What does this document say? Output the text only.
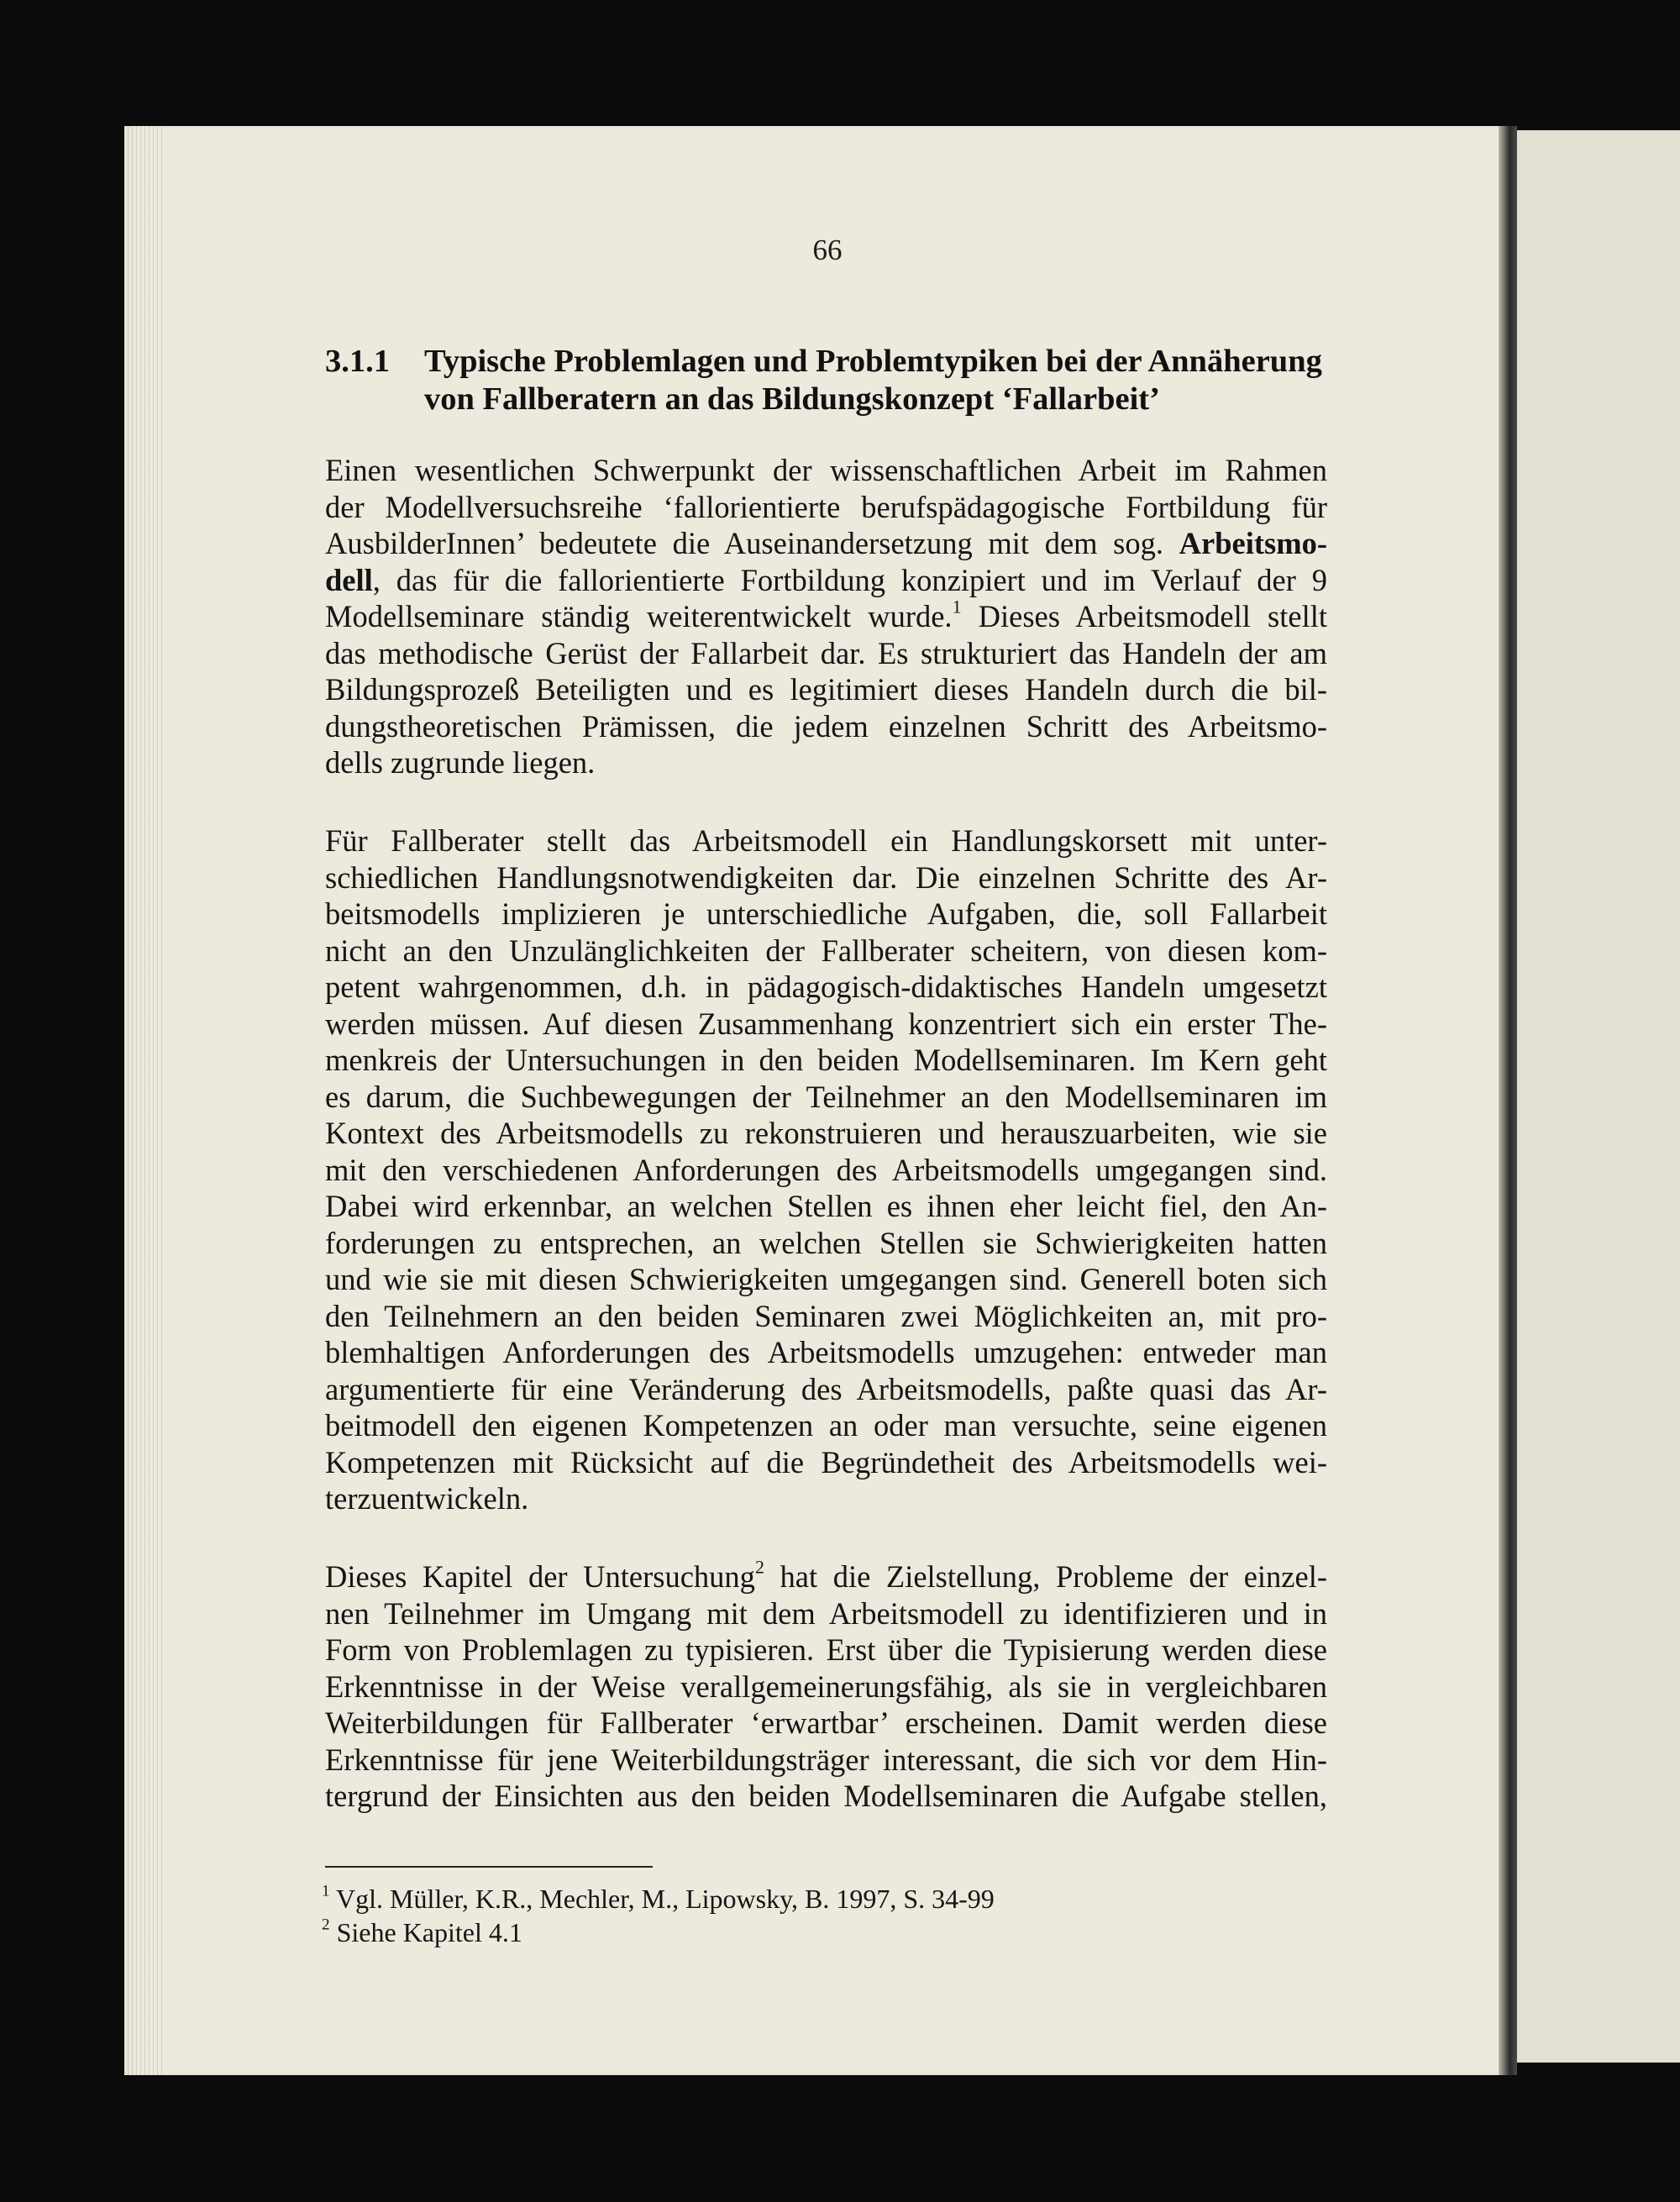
66
3.1.1 Typische Problemlagen und Problemtypiken bei der Annäherung
von Fallberatern an das Bildungskonzept ‘Fallarbeit’
Einen wesentlichen Schwerpunkt der wissenschaftlichen Arbeit im Rahmen
der Modellversuchsreihe ‘fallorientierte berufspädagogische Fortbildung für
AusbilderInnen’ bedeutete die Auseinandersetzung mit dem sog. Arbeitsmo-
dell, das für die fallorientierte Fortbildung konzipiert und im Verlauf der 9
Modellseminare ständig weiterentwickelt wurde.$^1$ Dieses Arbeitsmodell stellt
das methodische Gerüst der Fallarbeit dar. Es strukturiert das Handeln der am
Bildungsprozeß Beteiligten und es legitimiert dieses Handeln durch die bil-
dungstheoretischen Prämissen, die jedem einzelnen Schritt des Arbeitsmo-
dells zugrunde liegen.
Für Fallberater stellt das Arbeitsmodell ein Handlungskorsett mit unter-
schiedlichen Handlungsnotwendigkeiten dar. Die einzelnen Schritte des Ar-
beitsmodells implizieren je unterschiedliche Aufgaben, die, soll Fallarbeit
nicht an den Unzulänglichkeiten der Fallberater scheitern, von diesen kom-
petent wahrgenommen, d.h. in pädagogisch-didaktisches Handeln umgesetzt
werden müssen. Auf diesen Zusammenhang konzentriert sich ein erster The-
menkreis der Untersuchungen in den beiden Modellseminaren. Im Kern geht
es darum, die Suchbewegungen der Teilnehmer an den Modellseminaren im
Kontext des Arbeitsmodells zu rekonstruieren und herauszuarbeiten, wie sie
mit den verschiedenen Anforderungen des Arbeitsmodells umgegangen sind.
Dabei wird erkennbar, an welchen Stellen es ihnen eher leicht fiel, den An-
forderungen zu entsprechen, an welchen Stellen sie Schwierigkeiten hatten
und wie sie mit diesen Schwierigkeiten umgegangen sind. Generell boten sich
den Teilnehmern an den beiden Seminaren zwei Möglichkeiten an, mit pro-
blemhaltigen Anforderungen des Arbeitsmodells umzugehen: entweder man
argumentierte für eine Veränderung des Arbeitsmodells, paßte quasi das Ar-
beitmodell den eigenen Kompetenzen an oder man versuchte, seine eigenen
Kompetenzen mit Rücksicht auf die Begründetheit des Arbeitsmodells wei-
terzuentwickeln.
Dieses Kapitel der Untersuchung$^2$ hat die Zielstellung, Probleme der einzel-
nen Teilnehmer im Umgang mit dem Arbeitsmodell zu identifizieren und in
Form von Problemlagen zu typisieren. Erst über die Typisierung werden diese
Erkenntnisse in der Weise verallgemeinerungsfähig, als sie in vergleichbaren
Weiterbildungen für Fallberater ‘erwartbar’ erscheinen. Damit werden diese
Erkenntnisse für jene Weiterbildungsträger interessant, die sich vor dem Hin-
tergrund der Einsichten aus den beiden Modellseminaren die Aufgabe stellen,
$^1$ Vgl. Müller, K.R., Mechler, M., Lipowsky, B. 1997, S. 34-99
$^2$ Siehe Kapitel 4.1
